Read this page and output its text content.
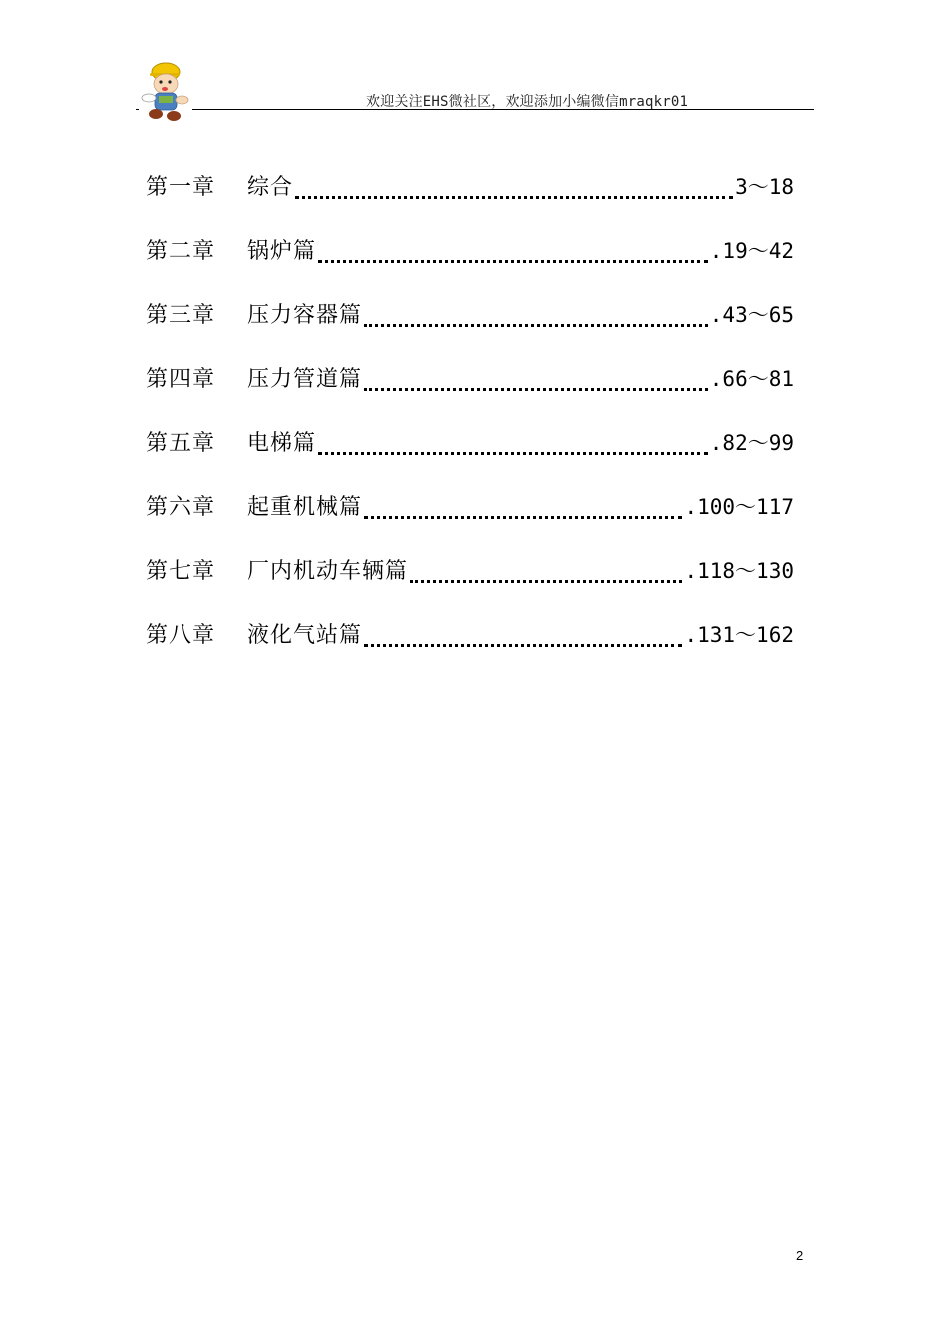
欢迎关注EHS微社区，欢迎添加小编微信mraqkr01
第一章	综合	3～18
第二章	锅炉篇	.19～42
第三章	压力容器篇	.43～65
第四章	压力管道篇	.66～81
第五章	电梯篇	.82～99
第六章	起重机械篇	.100～117
第七章	厂内机动车辆篇	.118～130
第八章	液化气站篇	.131～162
2
